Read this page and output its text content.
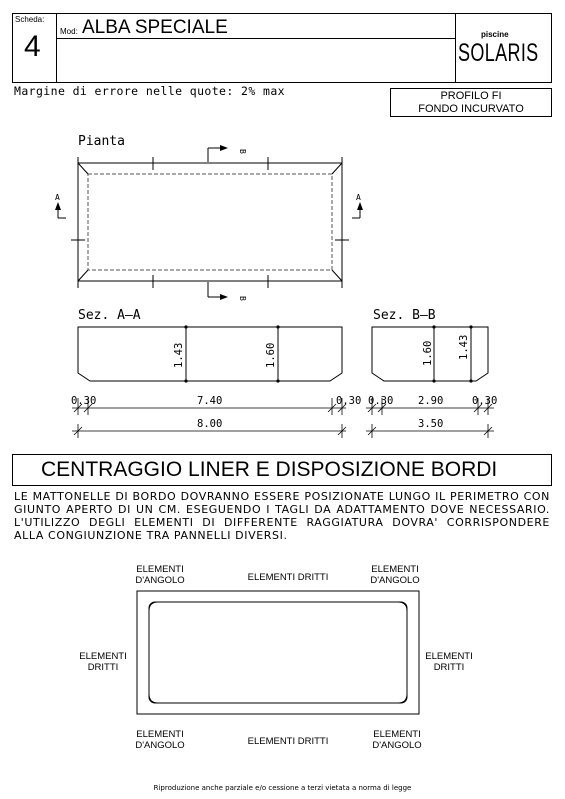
Scheda:
4 Mod: ALBA SPECIALE	piscine
SOLARIS
Margine di errore nelle quote: 2% max	PROFILO FI
FONDO INCURVATO
Pianta
A	A
B
B
Sez. A—A
1.43	1.60
0.30	7.40	0.30
8.00
Sez. B—B
1.60 1.43
0.30 2.90	0.30
3.50
CENTRAGGIO LINER E DISPOSIZIONE BORDI
LE MATTONELLE DI BORDO DOVRANNO ESSERE POSIZIONATE LUNGO IL PERIMETRO CON GIUNTO APERTO DI UN CM. ESEGUENDO I TAGLI DA ADATTAMENTO DOVE NECESSARIO. L'UTILIZZO DEGLI ELEMENTI DI DIFFERENTE RAGGIATURA DOVRA' CORRISPONDERE ALLA CONGIUNZIONE TRA PANNELLI DIVERSI.
ELEMENTI
D'ANGOLO	ELEMENTI DRITTI
ELEMENTI
D'ANGOLO
ELEMENTI
DRITTI
ELEMENTI
DRITTI
ELEMENTI
D'ANGOLO	ELEMENTI DRITTI
ELEMENTI
D'ANGOLO
Riproduzione anche parziale e/o cessione a terzi vietata a norma di legge
